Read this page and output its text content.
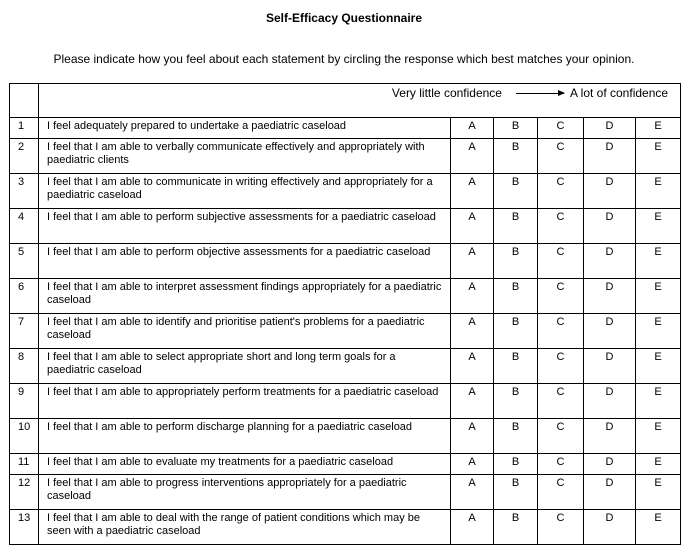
Self-Efficacy Questionnaire
Please indicate how you feel about each statement by circling the response which best matches your opinion.

	Very little confidence A lot of confidence					

1	I feel adequately prepared to undertake a paediatric caseload	A	B	C	D	E
2	I feel that I am able to verbally communicate effectively and appropriately with paediatric clients	A	B	C	D	E
3	I feel that I am able to communicate in writing effectively and appropriately for a paediatric caseload	A	B	C	D	E
4	I feel that I am able to perform subjective assessments for a paediatric caseload	A	B	C	D	E
5	I feel that I am able to perform objective assessments for a paediatric caseload	A	B	C	D	E
6	I feel that I am able to interpret assessment findings appropriately for a paediatric caseload	A	B	C	D	E
7	I feel that I am able to identify and prioritise patient's problems for a paediatric caseload	A	B	C	D	E
8	I feel that I am able to select appropriate short and long term goals for a paediatric caseload	A	B	C	D	E
9	I feel that I am able to appropriately perform treatments for a paediatric caseload	A	B	C	D	E
10	I feel that I am able to perform discharge planning for a paediatric caseload	A	B	C	D	E
11	I feel that I am able to evaluate my treatments for a paediatric caseload	A	B	C	D	E
12	I feel that I am able to progress interventions appropriately for a paediatric caseload	A	B	C	D	E
13	I feel that I am able to deal with the range of patient conditions which may be seen with a paediatric caseload	A	B	C	D	E
